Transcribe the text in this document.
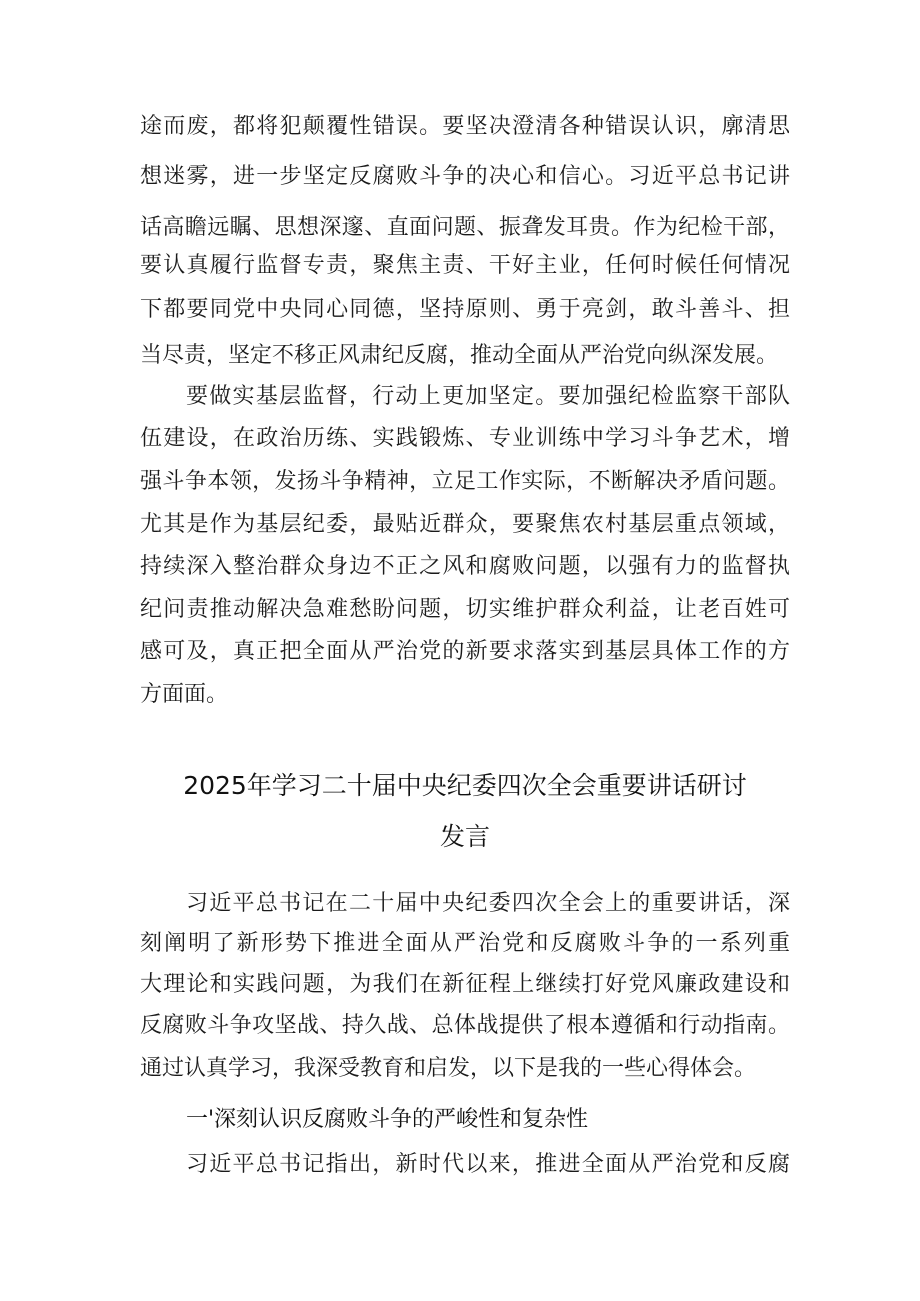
途而废，都将犯颠覆性错误。要坚决澄清各种错误认识，廓清思
想迷雾，进一步坚定反腐败斗争的决心和信心。习近平总书记讲
话高瞻远瞩、思想深邃、直面问题、振聋发耳贵。作为纪检干部，
要认真履行监督专责，聚焦主责、干好主业，任何时候任何情况
下都要同党中央同心同德，坚持原则、勇于亮剑，敢斗善斗、担
当尽责，坚定不移正风肃纪反腐，推动全面从严治党向纵深发展。
要做实基层监督，行动上更加坚定。要加强纪检监察干部队
伍建设，在政治历练、实践锻炼、专业训练中学习斗争艺术，增
强斗争本领，发扬斗争精神，立足工作实际，不断解决矛盾问题。
尤其是作为基层纪委，最贴近群众，要聚焦农村基层重点领域，
持续深入整治群众身边不正之风和腐败问题，以强有力的监督执
纪问责推动解决急难愁盼问题，切实维护群众利益，让老百姓可
感可及，真正把全面从严治党的新要求落实到基层具体工作的方
方面面。
2025年学习二十届中央纪委四次全会重要讲话研讨
发言
习近平总书记在二十届中央纪委四次全会上的重要讲话，深
刻阐明了新形势下推进全面从严治党和反腐败斗争的一系列重
大理论和实践问题，为我们在新征程上继续打好党风廉政建设和
反腐败斗争攻坚战、持久战、总体战提供了根本遵循和行动指南。
通过认真学习，我深受教育和启发，以下是我的一些心得体会。
一'深刻认识反腐败斗争的严峻性和复杂性
习近平总书记指出，新时代以来，推进全面从严治党和反腐
